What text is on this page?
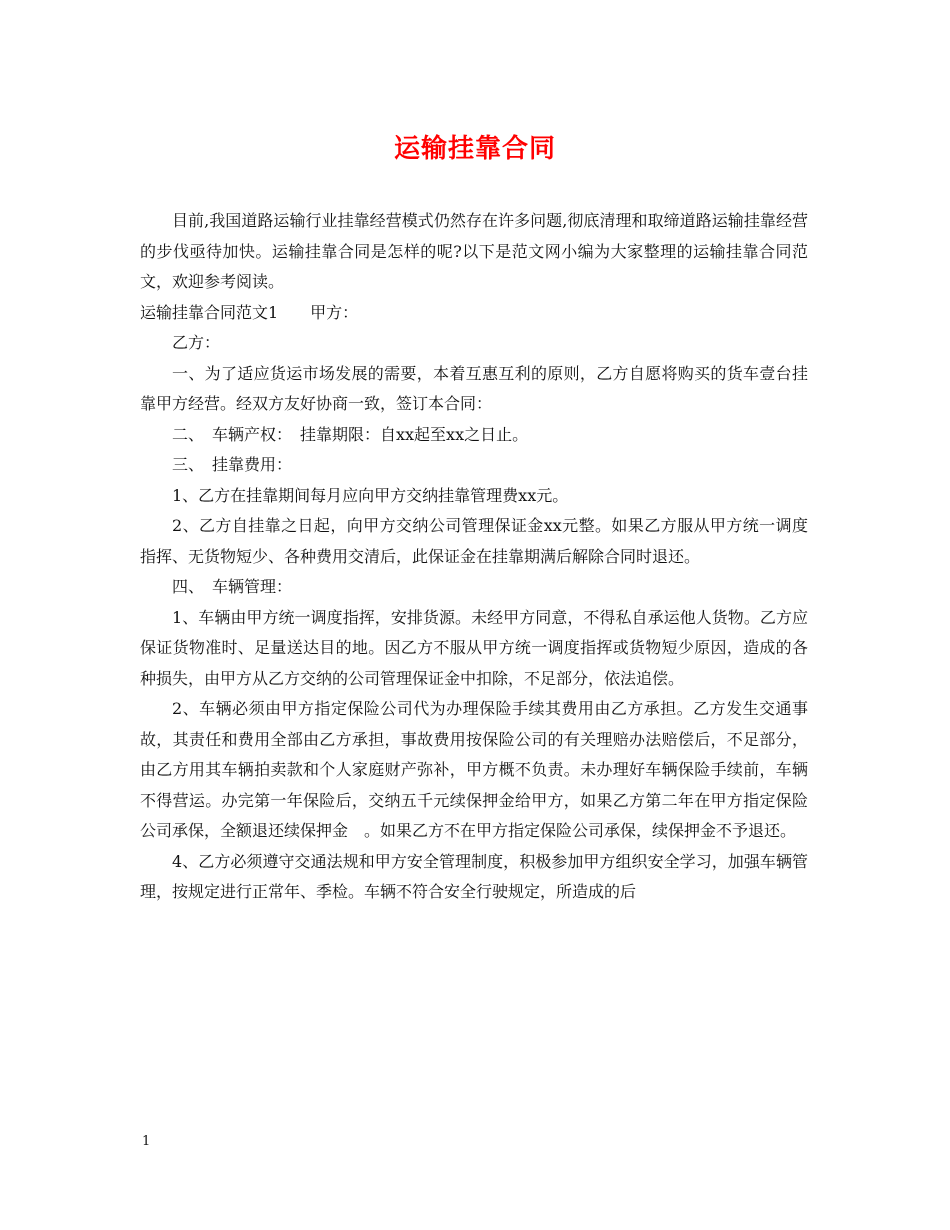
运输挂靠合同

目前,我国道路运输行业挂靠经营模式仍然存在许多问题,彻底清理和取缔道路运输挂靠经营的步伐亟待加快。运输挂靠合同是怎样的呢?以下是范文网小编为大家整理的运输挂靠合同范文，欢迎参考阅读。

运输挂靠合同范文1　　甲方：

乙方：

一、为了适应货运市场发展的需要，本着互惠互利的原则，乙方自愿将购买的货车壹台挂靠甲方经营。经双方友好协商一致，签订本合同：

二、　车辆产权：　挂靠期限：自xx起至xx之日止。

三、　挂靠费用：

1、乙方在挂靠期间每月应向甲方交纳挂靠管理费xx元。

2、乙方自挂靠之日起，向甲方交纳公司管理保证金xx元整。如果乙方服从甲方统一调度指挥、无货物短少、各种费用交清后，此保证金在挂靠期满后解除合同时退还。

四、　车辆管理：

1、车辆由甲方统一调度指挥，安排货源。未经甲方同意，不得私自承运他人货物。乙方应保证货物准时、足量送达目的地。因乙方不服从甲方统一调度指挥或货物短少原因，造成的各种损失，由甲方从乙方交纳的公司管理保证金中扣除，不足部分，依法追偿。

2、车辆必须由甲方指定保险公司代为办理保险手续其费用由乙方承担。乙方发生交通事故，其责任和费用全部由乙方承担，事故费用按保险公司的有关理赔办法赔偿后，不足部分，由乙方用其车辆拍卖款和个人家庭财产弥补，甲方概不负责。未办理好车辆保险手续前，车辆不得营运。办完第一年保险后，交纳五千元续保押金给甲方，如果乙方第二年在甲方指定保险公司承保，全额退还续保押金　。如果乙方不在甲方指定保险公司承保，续保押金不予退还。

4、乙方必须遵守交通法规和甲方安全管理制度，积极参加甲方组织安全学习，加强车辆管理，按规定进行正常年、季检。车辆不符合安全行驶规定，所造成的后

1
